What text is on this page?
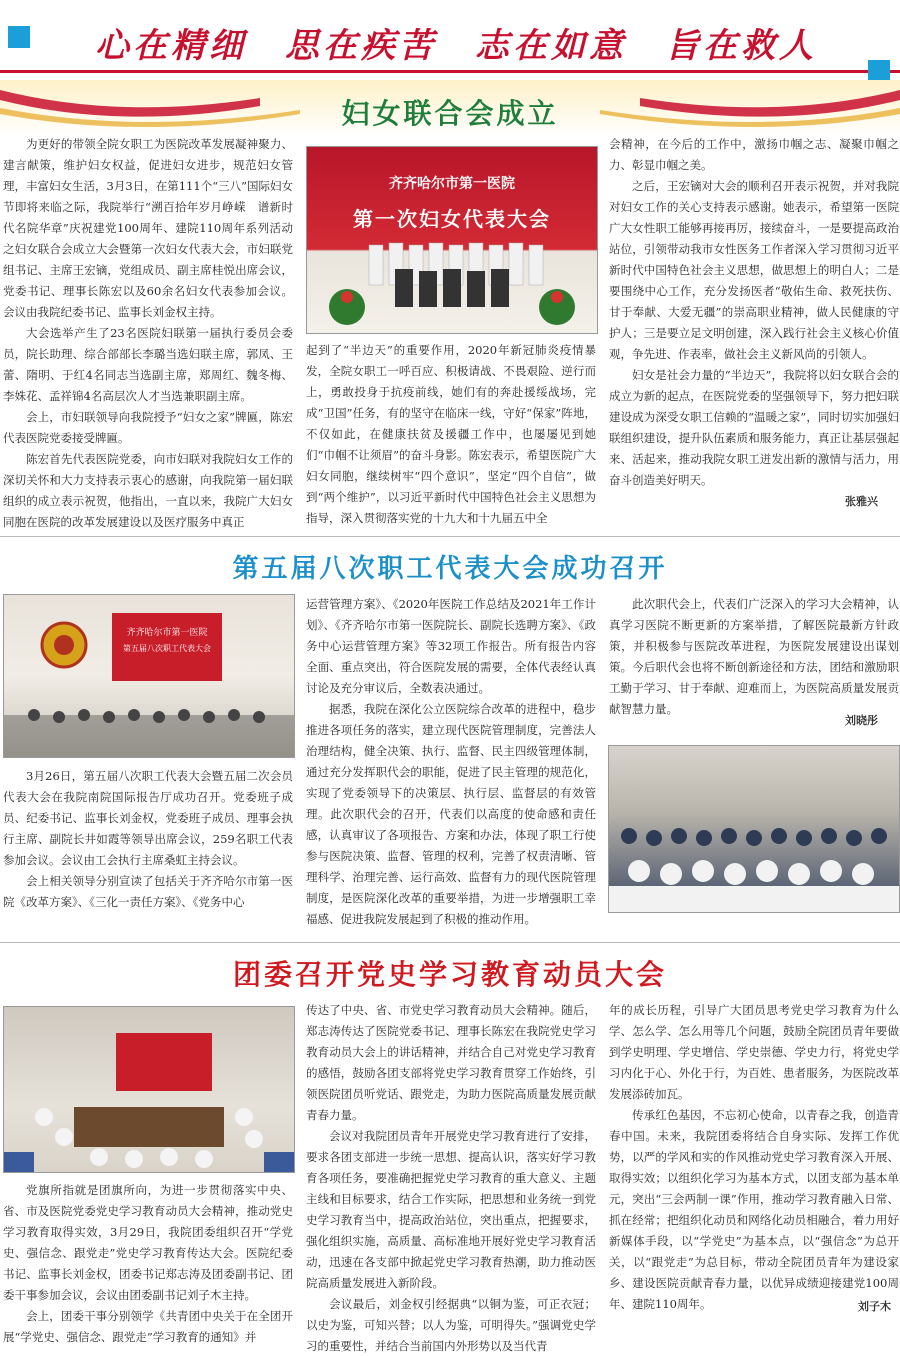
心在精细　思在疾苦　志在如意　旨在救人
妇女联合会成立

为更好的带领全院女职工为医院改革发展凝神聚力、建言献策，维护妇女权益，促进妇女进步，规范妇女管理，丰富妇女生活，3月3日，在第111个“三八”国际妇女节即将来临之际，我院举行“溯百拾年岁月峥嵘　谱新时代名院华章”庆祝建党100周年、建院110周年系列活动之妇女联合会成立大会暨第一次妇女代表大会，市妇联党组书记、主席王宏镝，党组成员、副主席桂悦出席会议，党委书记、理事长陈宏以及60余名妇女代表参加会议。会议由我院纪委书记、监事长刘金权主持。

大会选举产生了23名医院妇联第一届执行委员会委员，院长助理、综合部部长李璐当选妇联主席，郭凤、王蕾、隋明、于红4名同志当选副主席，郑周红、魏冬梅、李姝花、孟祥锦4名高层次人才当选兼职副主席。

会上，市妇联领导向我院授予“妇女之家”牌匾，陈宏代表医院党委接受牌匾。

陈宏首先代表医院党委，向市妇联对我院妇女工作的深切关怀和大力支持表示衷心的感谢，向我院第一届妇联组织的成立表示祝贺，他指出，一直以来，我院广大妇女同胞在医院的改革发展建设以及医疗服务中真正

齐齐哈尔市第一医院
第一次妇女代表大会

起到了“半边天”的重要作用，2020年新冠肺炎疫情暴发，全院女职工一呼百应、积极请战、不畏艰险、逆行而上，勇敢投身于抗疫前线，她们有的奔赴援绥战场，完成“卫国”任务，有的坚守在临床一线，守好“保家”阵地，不仅如此，在健康扶贫及援疆工作中，也屡屡见到她们“巾帼不让须眉”的奋斗身影。陈宏表示，希望医院广大妇女同胞，继续树牢“四个意识”，坚定“四个自信”，做到“两个维护”，以习近平新时代中国特色社会主义思想为指导，深入贯彻落实党的十九大和十九届五中全

会精神，在今后的工作中，激扬巾帼之志、凝聚巾帼之力、彰显巾帼之美。

之后，王宏镝对大会的顺利召开表示祝贺，并对我院对妇女工作的关心支持表示感谢。她表示，希望第一医院广大女性职工能够再接再厉，接续奋斗，一是要提高政治站位，引领带动我市女性医务工作者深入学习贯彻习近平新时代中国特色社会主义思想，做思想上的明白人；二是要围绕中心工作，充分发扬医者“敬佑生命、救死扶伤、甘于奉献、大爱无疆”的崇高职业精神，做人民健康的守护人；三是要立足文明创建，深入践行社会主义核心价值观，争先进、作表率，做社会主义新风尚的引领人。

妇女是社会力量的“半边天”，我院将以妇女联合会的成立为新的起点，在医院党委的坚强领导下，努力把妇联建设成为深受女职工信赖的“温暖之家”，同时切实加强妇联组织建设，提升队伍素质和服务能力，真正让基层强起来、活起来，推动我院女职工迸发出新的激情与活力，用奋斗创造美好明天。

张雅兴
第五届八次职工代表大会成功召开
齐齐哈尔市第一医院
第五届八次职工代表大会

3月26日，第五届八次职工代表大会暨五届二次会员代表大会在我院南院国际报告厅成功召开。党委班子成员、纪委书记、监事长刘金权，党委班子成员、理事会执行主席、副院长井如霞等领导出席会议，259名职工代表参加会议。会议由工会执行主席桑虹主持会议。

会上相关领导分别宣读了包括关于齐齐哈尔市第一医院《改革方案》、《三化一责任方案》、《党务中心

运营管理方案》、《2020年医院工作总结及2021年工作计划》、《齐齐哈尔市第一医院院长、副院长选聘方案》、《政务中心运营管理方案》等32项工作报告。所有报告内容全面、重点突出，符合医院发展的需要，全体代表经认真讨论及充分审议后，全数表决通过。

据悉，我院在深化公立医院综合改革的进程中，稳步推进各项任务的落实，建立现代医院管理制度，完善法人治理结构，健全决策、执行、监督、民主四级管理体制，通过充分发挥职代会的职能，促进了民主管理的规范化，实现了党委领导下的决策层、执行层、监督层的有效管理。此次职代会的召开，代表们以高度的使命感和责任感，认真审议了各项报告、方案和办法，体现了职工行使参与医院决策、监督、管理的权利，完善了权责清晰、管理科学、治理完善、运行高效、监督有力的现代医院管理制度，是医院深化改革的重要举措，为进一步增强职工幸福感、促进我院发展起到了积极的推动作用。

此次职代会上，代表们广泛深入的学习大会精神，认真学习医院不断更新的方案举措，了解医院最新方针政策，并积极参与医院改革进程，为医院发展建设出谋划策。今后职代会也将不断创新途径和方法，团结和激励职工勤于学习、甘于奉献、迎难而上，为医院高质量发展贡献智慧力量。

刘晓彤
团委召开党史学习教育动员大会

党旗所指就是团旗所向，为进一步贯彻落实中央、省、市及医院党委党史学习教育动员大会精神，推动党史学习教育取得实效，3月29日，我院团委组织召开“学党史、强信念、跟党走”党史学习教育传达大会。医院纪委书记、监事长刘金权，团委书记郑志涛及团委副书记、团委干事参加会议，会议由团委副书记刘子木主持。

会上，团委干事分别领学《共青团中央关于在全团开展“学党史、强信念、跟党走”学习教育的通知》并

传达了中央、省、市党史学习教育动员大会精神。随后，郑志涛传达了医院党委书记、理事长陈宏在我院党史学习教育动员大会上的讲话精神，并结合自己对党史学习教育的感悟，鼓励各团支部将党史学习教育贯穿工作始终，引领医院团员听党话、跟党走，为助力医院高质量发展贡献青春力量。

会议对我院团员青年开展党史学习教育进行了安排，要求各团支部进一步统一思想、提高认识，落实好学习教育各项任务，要准确把握党史学习教育的重大意义、主题主线和目标要求，结合工作实际，把思想和业务统一到党史学习教育当中，提高政治站位，突出重点，把握要求，强化组织实施，高质量、高标准地开展好党史学习教育活动，迅速在各支部中掀起党史学习教育热潮，助力推动医院高质量发展进入新阶段。

会议最后，刘金权引经据典“以铜为鉴，可正衣冠；以史为鉴，可知兴替；以人为鉴，可明得失。”强调党史学习的重要性，并结合当前国内外形势以及当代青

年的成长历程，引导广大团员思考党史学习教育为什么学、怎么学、怎么用等几个问题，鼓励全院团员青年要做到学史明理、学史增信、学史崇德、学史力行，将党史学习内化于心、外化于行，为百姓、患者服务，为医院改革发展添砖加瓦。

传承红色基因，不忘初心使命，以青春之我，创造青春中国。未来，我院团委将结合自身实际、发挥工作优势，以严的学风和实的作风推动党史学习教育深入开展、取得实效；以组织化学习为基本方式，以团支部为基本单元，突出“三会两制一课”作用，推动学习教育融入日常、抓在经常；把组织化动员和网络化动员相融合，着力用好新媒体手段，以“学党史”为基本点，以“强信念”为总开关，以“跟党走”为总目标，带动全院团员青年为建设家乡、建设医院贡献青春力量，以优异成绩迎接建党100周年、建院110周年。	刘子木
